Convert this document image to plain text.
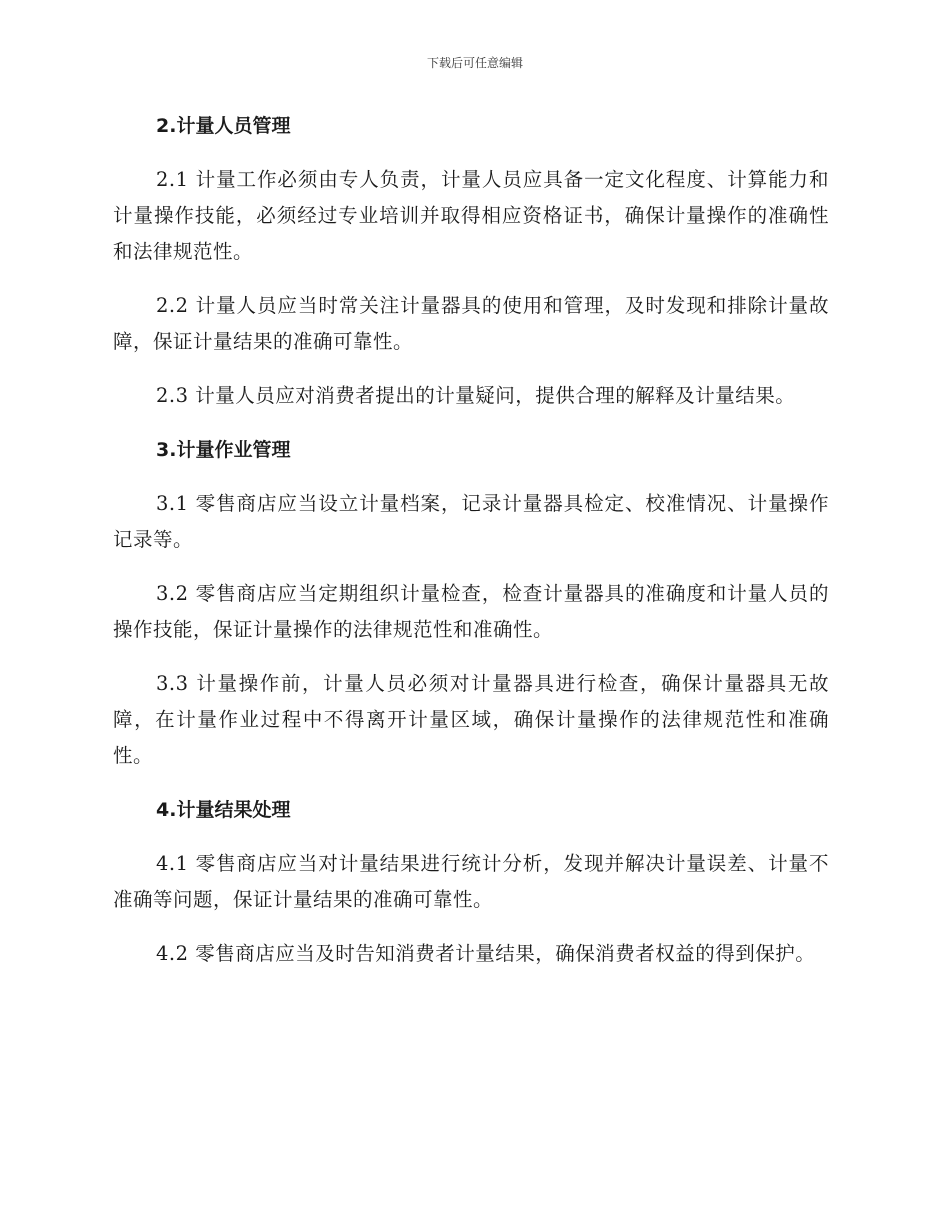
下载后可任意编辑
2.计量人员管理

2.1 计量工作必须由专人负责，计量人员应具备一定文化程度、计算能力和计量操作技能，必须经过专业培训并取得相应资格证书，确保计量操作的准确性和法律规范性。

2.2 计量人员应当时常关注计量器具的使用和管理，及时发现和排除计量故障，保证计量结果的准确可靠性。

2.3 计量人员应对消费者提出的计量疑问，提供合理的解释及计量结果。

3.计量作业管理

3.1 零售商店应当设立计量档案，记录计量器具检定、校准情况、计量操作记录等。

3.2 零售商店应当定期组织计量检查，检查计量器具的准确度和计量人员的操作技能，保证计量操作的法律规范性和准确性。

3.3 计量操作前，计量人员必须对计量器具进行检查，确保计量器具无故障，在计量作业过程中不得离开计量区域，确保计量操作的法律规范性和准确性。

4.计量结果处理

4.1 零售商店应当对计量结果进行统计分析，发现并解决计量误差、计量不准确等问题，保证计量结果的准确可靠性。

4.2 零售商店应当及时告知消费者计量结果，确保消费者权益的得到保护。
